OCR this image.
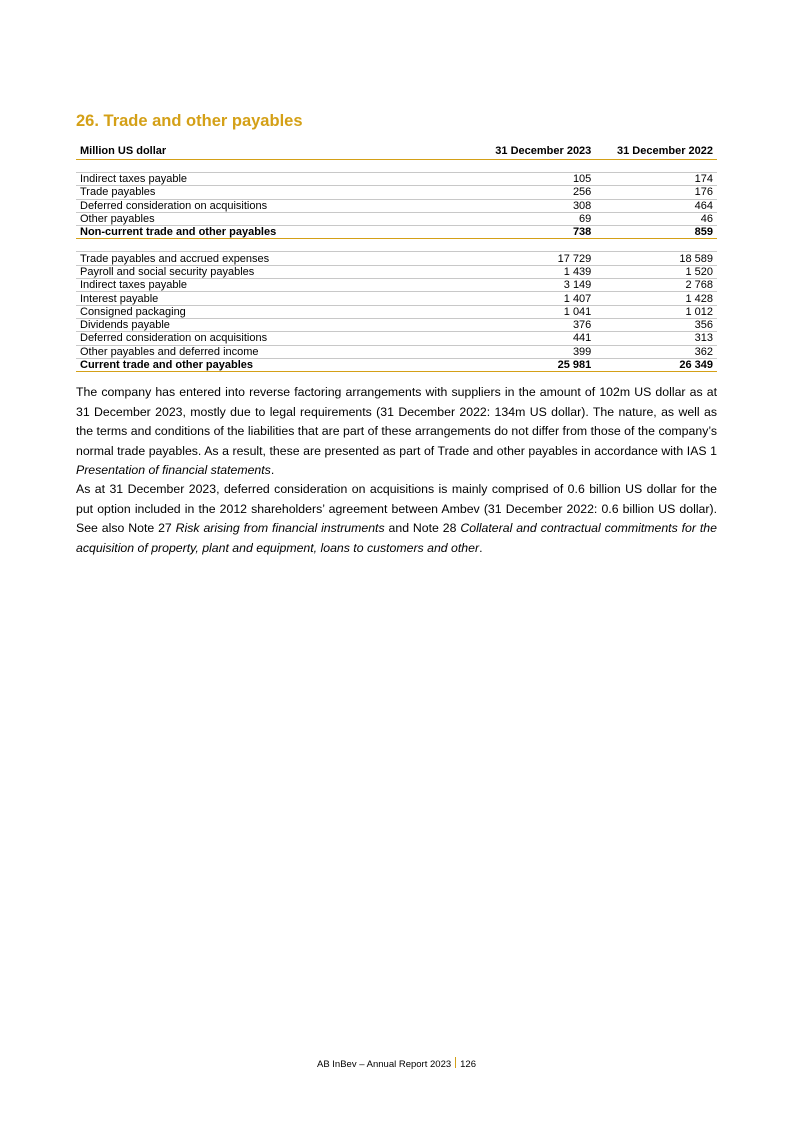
26. Trade and other payables
Million US dollar	31 December 2023	31 December 2022

Indirect taxes payable	105	174
Trade payables	256	176
Deferred consideration on acquisitions	308	464
Other payables	69	46
Non-current trade and other payables	738	859

Trade payables and accrued expenses	17 729	18 589
Payroll and social security payables	1 439	1 520
Indirect taxes payable	3 149	2 768
Interest payable	1 407	1 428
Consigned packaging	1 041	1 012
Dividends payable	376	356
Deferred consideration on acquisitions	441	313
Other payables and deferred income	399	362
Current trade and other payables	25 981	26 349

The company has entered into reverse factoring arrangements with suppliers in the amount of 102m US dollar as at 31 December 2023, mostly due to legal requirements (31 December 2022: 134m US dollar). The nature, as well as the terms and conditions of the liabilities that are part of these arrangements do not differ from those of the company’s normal trade payables. As a result, these are presented as part of Trade and other payables in accordance with IAS 1 Presentation of financial statements.

As at 31 December 2023, deferred consideration on acquisitions is mainly comprised of 0.6 billion US dollar for the put option included in the 2012 shareholders’ agreement between Ambev (31 December 2022: 0.6 billion US dollar). See also Note 27 Risk arising from financial instruments and Note 28 Collateral and contractual commitments for the acquisition of property, plant and equipment, loans to customers and other.

AB InBev – Annual Report 2023 126
